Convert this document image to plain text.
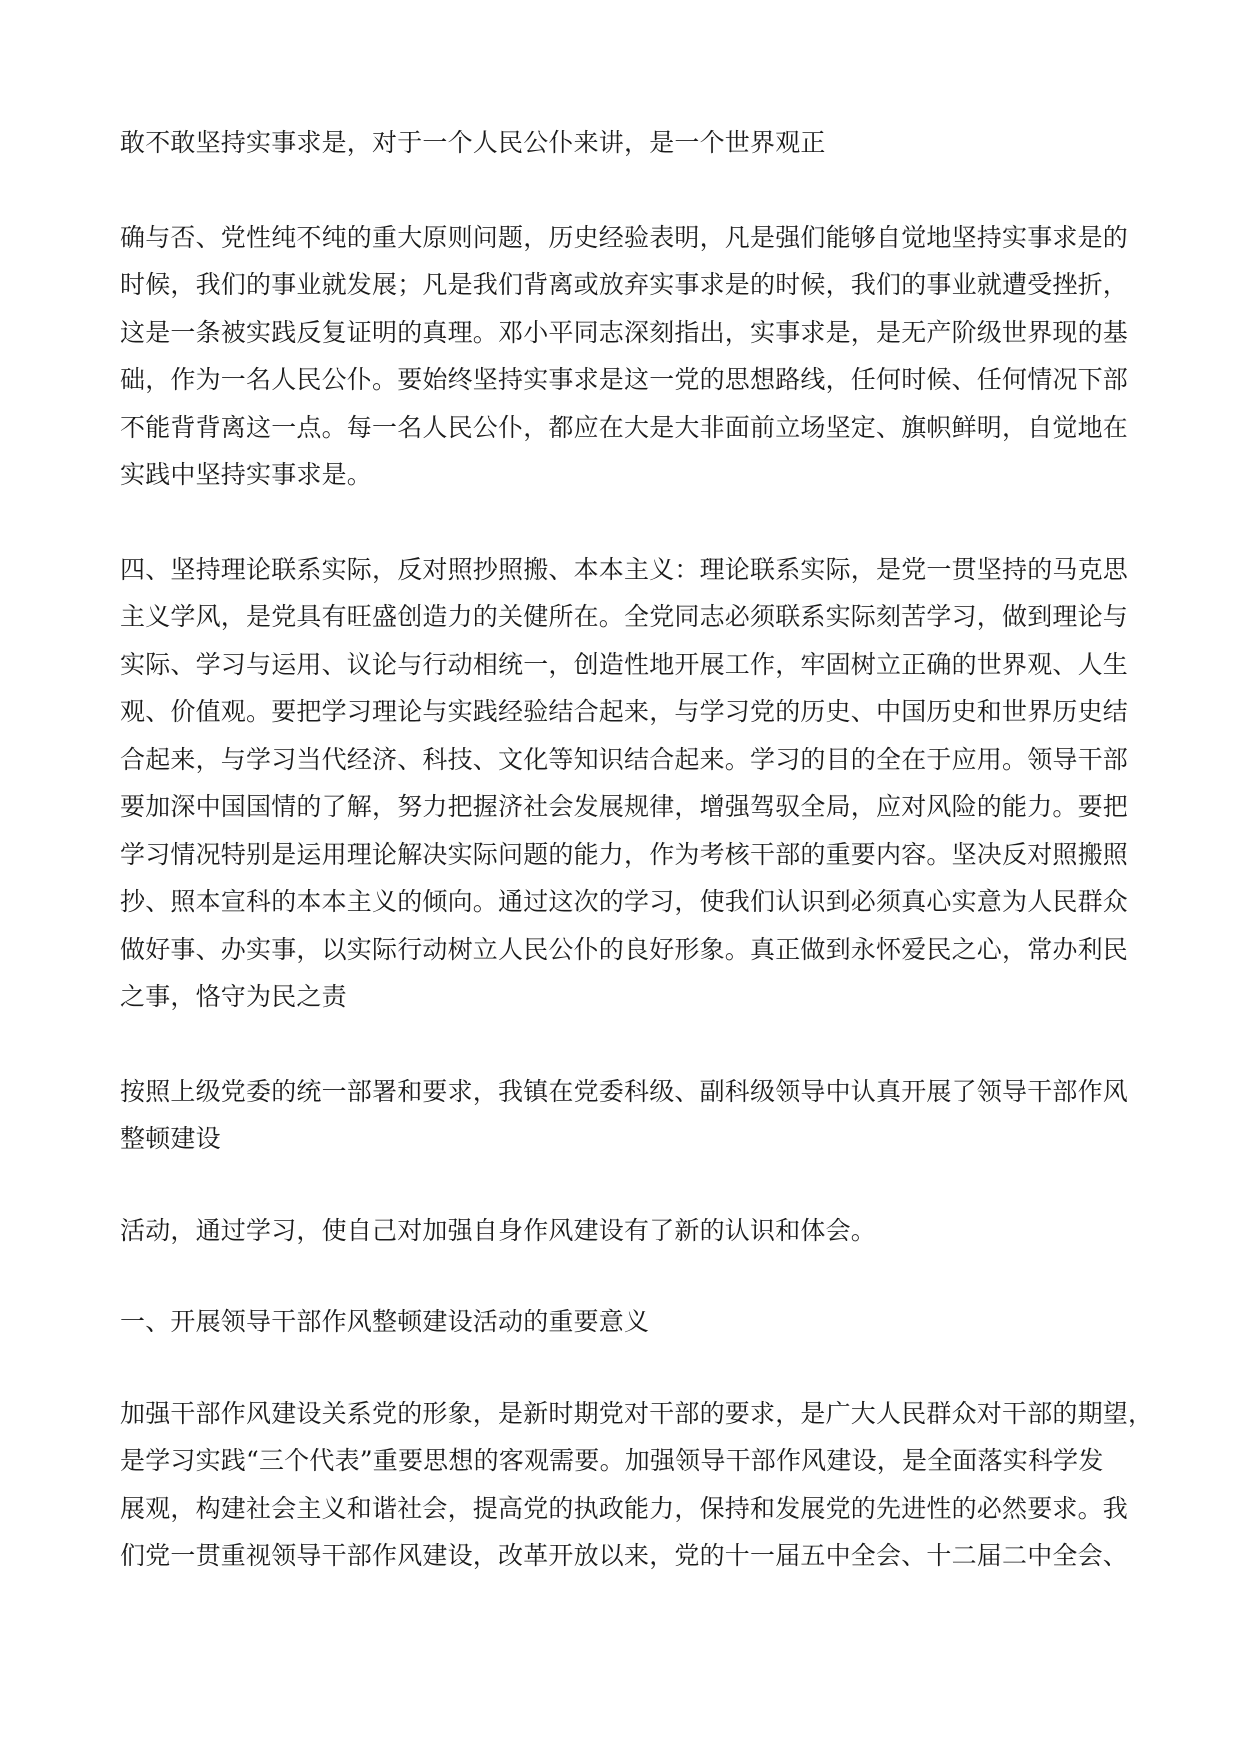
敢不敢坚持实事求是，对于一个人民公仆来讲，是一个世界观正

确与否、党性纯不纯的重大原则问题，历史经验表明，凡是强们能够自觉地坚持实事求是的
时候，我们的事业就发展；凡是我们背离或放弃实事求是的时候，我们的事业就遭受挫折，
这是一条被实践反复证明的真理。邓小平同志深刻指出，实事求是，是无产阶级世界现的基
础，作为一名人民公仆。要始终坚持实事求是这一党的思想路线，任何时候、任何情况下部
不能背背离这一点。每一名人民公仆，都应在大是大非面前立场坚定、旗帜鲜明，自觉地在
实践中坚持实事求是。

四、坚持理论联系实际，反对照抄照搬、本本主义：理论联系实际，是党一贯坚持的马克思
主义学风，是党具有旺盛创造力的关健所在。全党同志必须联系实际刻苦学习，做到理论与
实际、学习与运用、议论与行动相统一，创造性地开展工作，牢固树立正确的世界观、人生
观、价值观。要把学习理论与实践经验结合起来，与学习党的历史、中国历史和世界历史结
合起来，与学习当代经济、科技、文化等知识结合起来。学习的目的全在于应用。领导干部
要加深中国国情的了解，努力把握济社会发展规律，增强驾驭全局，应对风险的能力。要把
学习情况特别是运用理论解决实际问题的能力，作为考核干部的重要内容。坚决反对照搬照
抄、照本宣科的本本主义的倾向。通过这次的学习，使我们认识到必须真心实意为人民群众
做好事、办实事，以实际行动树立人民公仆的良好形象。真正做到永怀爱民之心，常办利民
之事，恪守为民之责

按照上级党委的统一部署和要求，我镇在党委科级、副科级领导中认真开展了领导干部作风
整顿建设

活动，通过学习，使自己对加强自身作风建设有了新的认识和体会。

一、开展领导干部作风整顿建设活动的重要意义

加强干部作风建设关系党的形象，是新时期党对干部的要求，是广大人民群众对干部的期望，
是学习实践“三个代表”重要思想的客观需要。加强领导干部作风建设，是全面落实科学发
展观，构建社会主义和谐社会，提高党的执政能力，保持和发展党的先进性的必然要求。我
们党一贯重视领导干部作风建设，改革开放以来，党的十一届五中全会、十二届二中全会、
